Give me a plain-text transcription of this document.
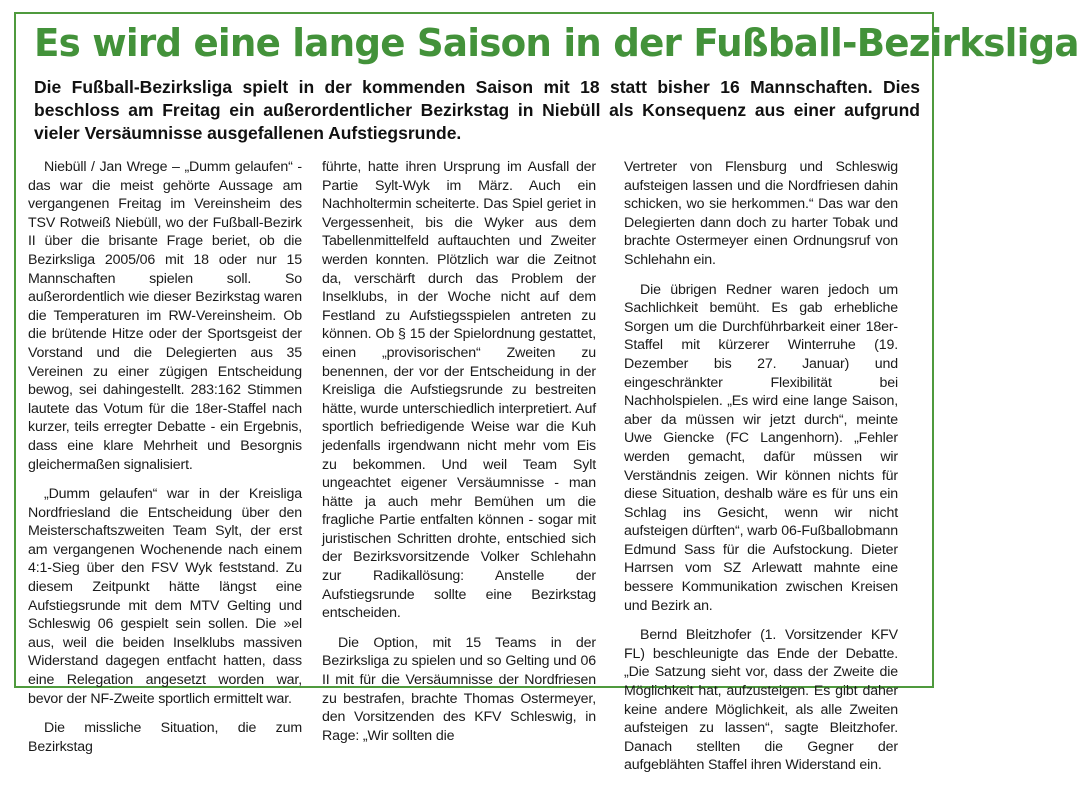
Es wird eine lange Saison in der Fußball-Bezirksliga
Die Fußball-Bezirksliga spielt in der kommenden Saison mit 18 statt bisher 16 Mannschaften. Dies beschloss am Freitag ein außerordentlicher Bezirkstag in Niebüll als Konsequenz aus einer aufgrund vieler Versäumnisse ausgefallenen Aufstiegsrunde.

Niebüll / Jan Wrege – „Dumm gelaufen“ - das war die meist gehörte Aussage am vergangenen Freitag im Vereinsheim des TSV Rotweiß Niebüll, wo der Fußball-Bezirk II über die brisante Frage beriet, ob die Bezirksliga 2005/06 mit 18 oder nur 15 Mannschaften spielen soll. So außerordentlich wie dieser Bezirkstag waren die Temperaturen im RW-Vereinsheim. Ob die brütende Hitze oder der Sportsgeist der Vorstand und die Delegierten aus 35 Vereinen zu einer zügigen Entscheidung bewog, sei dahingestellt. 283:162 Stimmen lautete das Votum für die 18er-Staffel nach kurzer, teils erregter Debatte - ein Ergebnis, dass eine klare Mehrheit und Besorgnis gleichermaßen signalisiert.

„Dumm gelaufen“ war in der Kreisliga Nordfriesland die Entscheidung über den Meisterschaftszweiten Team Sylt, der erst am vergangenen Wochenende nach einem 4:1-Sieg über den FSV Wyk feststand. Zu diesem Zeitpunkt hätte längst eine Aufstiegsrunde mit dem MTV Gelting und Schleswig 06 gespielt sein sollen. Die »el aus, weil die beiden Inselklubs massiven Widerstand dagegen entfacht hatten, dass eine Relegation angesetzt worden war, bevor der NF-Zweite sportlich ermittelt war.

Die missliche Situation, die zum Bezirkstag

führte, hatte ihren Ursprung im Ausfall der Partie Sylt-Wyk im März. Auch ein Nachholtermin scheiterte. Das Spiel geriet in Vergessenheit, bis die Wyker aus dem Tabellenmittelfeld auftauchten und Zweiter werden konnten. Plötzlich war die Zeitnot da, verschärft durch das Problem der Inselklubs, in der Woche nicht auf dem Festland zu Aufstiegsspielen antreten zu können. Ob § 15 der Spielordnung gestattet, einen „provisorischen“ Zweiten zu benennen, der vor der Entscheidung in der Kreisliga die Aufstiegsrunde zu bestreiten hätte, wurde unterschiedlich interpretiert. Auf sportlich befriedigende Weise war die Kuh jedenfalls irgendwann nicht mehr vom Eis zu bekommen. Und weil Team Sylt ungeachtet eigener Versäumnisse - man hätte ja auch mehr Bemühen um die fragliche Partie entfalten können - sogar mit juristischen Schritten drohte, entschied sich der Bezirksvorsitzende Volker Schlehahn zur Radikallösung: Anstelle der Aufstiegsrunde sollte eine Bezirkstag entscheiden.

Die Option, mit 15 Teams in der Bezirksliga zu spielen und so Gelting und 06 II mit für die Versäumnisse der Nordfriesen zu bestrafen, brachte Thomas Ostermeyer, den Vorsitzenden des KFV Schleswig, in Rage: „Wir sollten die

Vertreter von Flensburg und Schleswig aufsteigen lassen und die Nordfriesen dahin schicken, wo sie herkommen.“ Das war den Delegierten dann doch zu harter Tobak und brachte Ostermeyer einen Ordnungsruf von Schlehahn ein.

Die übrigen Redner waren jedoch um Sachlichkeit bemüht. Es gab erhebliche Sorgen um die Durchführbarkeit einer 18er-Staffel mit kürzerer Winterruhe (19. Dezember bis 27. Januar) und eingeschränkter Flexibilität bei Nachholspielen. „Es wird eine lange Saison, aber da müssen wir jetzt durch“, meinte Uwe Giencke (FC Langenhorn). „Fehler werden gemacht, dafür müssen wir Verständnis zeigen. Wir können nichts für diese Situation, deshalb wäre es für uns ein Schlag ins Gesicht, wenn wir nicht aufsteigen dürften“, warb 06-Fußballobmann Edmund Sass für die Aufstockung. Dieter Harrsen vom SZ Arlewatt mahnte eine bessere Kommunikation zwischen Kreisen und Bezirk an.

Bernd Bleitzhofer (1. Vorsitzender KFV FL) beschleunigte das Ende der Debatte. „Die Satzung sieht vor, dass der Zweite die Möglichkeit hat, aufzusteigen. Es gibt daher keine andere Möglichkeit, als alle Zweiten aufsteigen zu lassen“, sagte Bleitzhofer. Danach stellten die Gegner der aufgeblähten Staffel ihren Widerstand ein.
